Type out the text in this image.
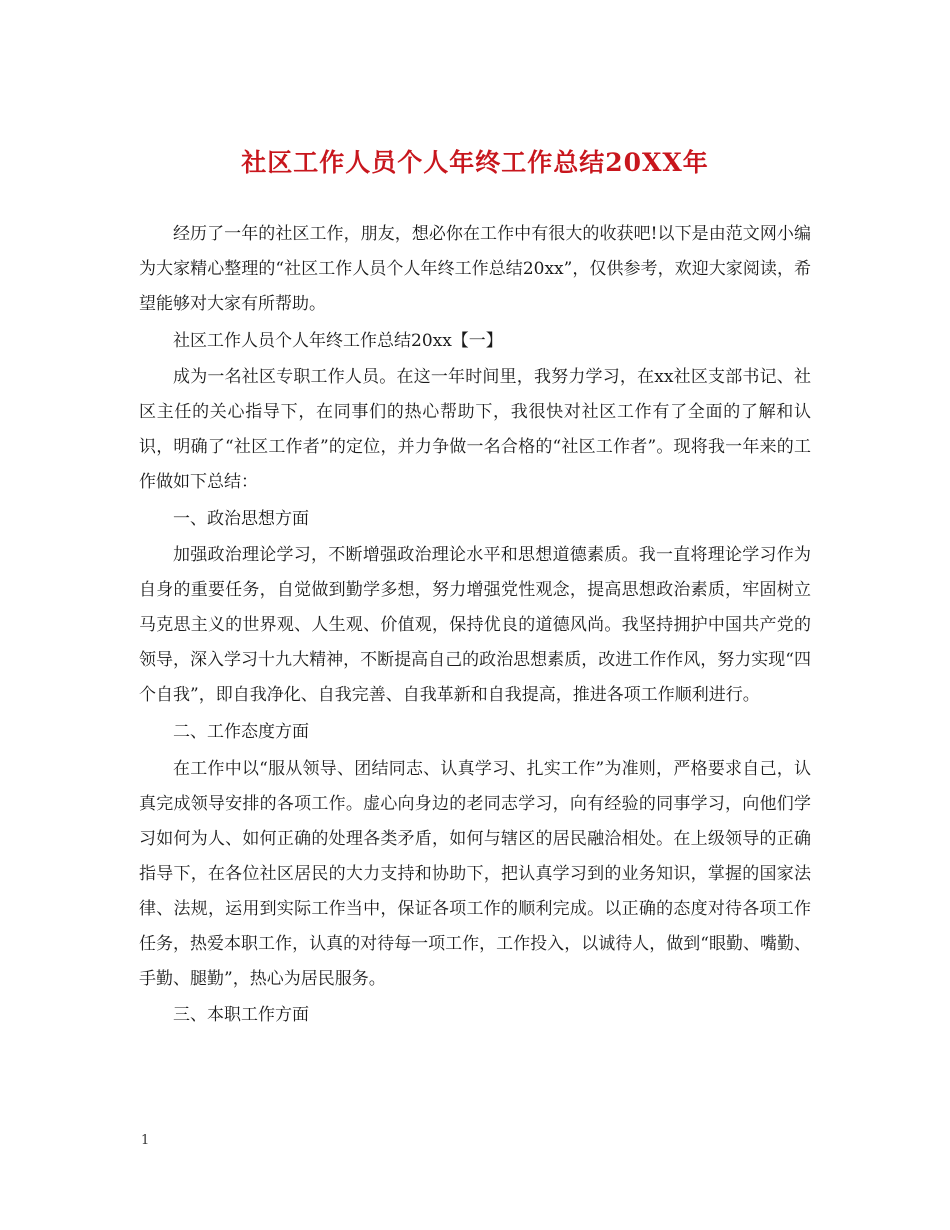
社区工作人员个人年终工作总结20XX年

经历了一年的社区工作，朋友，想必你在工作中有很大的收获吧!以下是由范文网小编为大家精心整理的“社区工作人员个人年终工作总结20xx”，仅供参考，欢迎大家阅读，希望能够对大家有所帮助。

社区工作人员个人年终工作总结20xx【一】

成为一名社区专职工作人员。在这一年时间里，我努力学习，在xx社区支部书记、社区主任的关心指导下，在同事们的热心帮助下，我很快对社区工作有了全面的了解和认识，明确了“社区工作者”的定位，并力争做一名合格的“社区工作者”。现将我一年来的工作做如下总结：

一、政治思想方面

加强政治理论学习，不断增强政治理论水平和思想道德素质。我一直将理论学习作为自身的重要任务，自觉做到勤学多想，努力增强党性观念，提高思想政治素质，牢固树立马克思主义的世界观、人生观、价值观，保持优良的道德风尚。我坚持拥护中国共产党的领导，深入学习十九大精神，不断提高自己的政治思想素质，改进工作作风，努力实现“四个自我”，即自我净化、自我完善、自我革新和自我提高，推进各项工作顺利进行。

二、工作态度方面

在工作中以“服从领导、团结同志、认真学习、扎实工作”为准则，严格要求自己，认真完成领导安排的各项工作。虚心向身边的老同志学习，向有经验的同事学习，向他们学习如何为人、如何正确的处理各类矛盾，如何与辖区的居民融洽相处。在上级领导的正确指导下，在各位社区居民的大力支持和协助下，把认真学习到的业务知识，掌握的国家法律、法规，运用到实际工作当中，保证各项工作的顺利完成。以正确的态度对待各项工作任务，热爱本职工作，认真的对待每一项工作，工作投入，以诚待人，做到“眼勤、嘴勤、手勤、腿勤”，热心为居民服务。

三、本职工作方面

1
